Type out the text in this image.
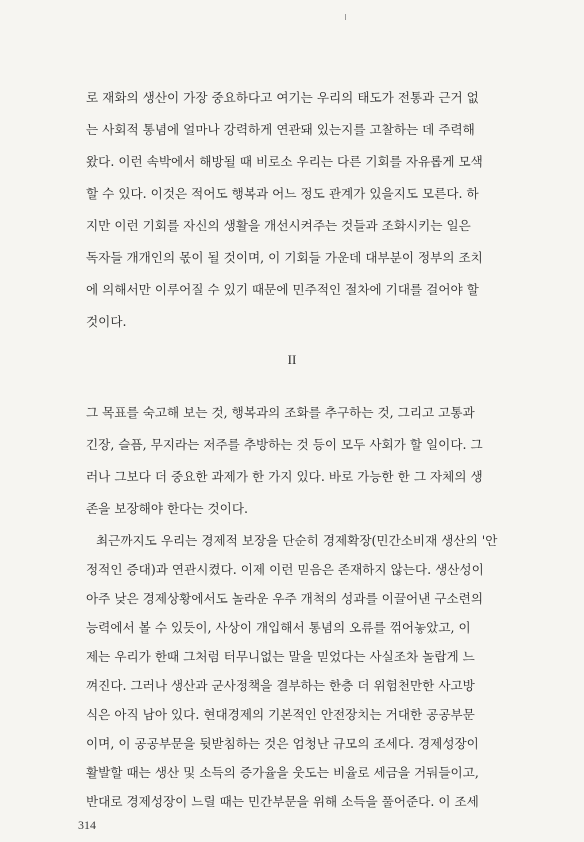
로 재화의 생산이 가장 중요하다고 여기는 우리의 태도가 전통과 근거 없
는 사회적 통념에 얼마나 강력하게 연관돼 있는지를 고찰하는 데 주력해
왔다. 이런 속박에서 해방될 때 비로소 우리는 다른 기회를 자유롭게 모색
할 수 있다. 이것은 적어도 행복과 어느 정도 관계가 있을지도 모른다. 하
지만 이런 기회를 자신의 생활을 개선시켜주는 것들과 조화시키는 일은
독자들 개개인의 몫이 될 것이며, 이 기회들 가운데 대부분이 정부의 조치
에 의해서만 이루어질 수 있기 때문에 민주적인 절차에 기대를 걸어야 할
것이다.
II
그 목표를 숙고해 보는 것, 행복과의 조화를 추구하는 것, 그리고 고통과
긴장, 슬픔, 무지라는 저주를 추방하는 것 등이 모두 사회가 할 일이다. 그
러나 그보다 더 중요한 과제가 한 가지 있다. 바로 가능한 한 그 자체의 생
존을 보장해야 한다는 것이다.
최근까지도 우리는 경제적 보장을 단순히 경제확장(민간소비재 생산의 '안
정적인 증대)과 연관시켰다. 이제 이런 믿음은 존재하지 않는다. 생산성이
아주 낮은 경제상황에서도 놀라운 우주 개척의 성과를 이끌어낸 구소련의
능력에서 볼 수 있듯이, 사상이 개입해서 통념의 오류를 꺾어놓았고, 이
제는 우리가 한때 그처럼 터무니없는 말을 믿었다는 사실조차 놀랍게 느
껴진다. 그러나 생산과 군사정책을 결부하는 한층 더 위험천만한 사고방
식은 아직 남아 있다. 현대경제의 기본적인 안전장치는 거대한 공공부문
이며, 이 공공부문을 뒷받침하는 것은 엄청난 규모의 조세다. 경제성장이
활발할 때는 생산 및 소득의 증가율을 웃도는 비율로 세금을 거둬들이고,
반대로 경제성장이 느릴 때는 민간부문을 위해 소득을 풀어준다. 이 조세
314
